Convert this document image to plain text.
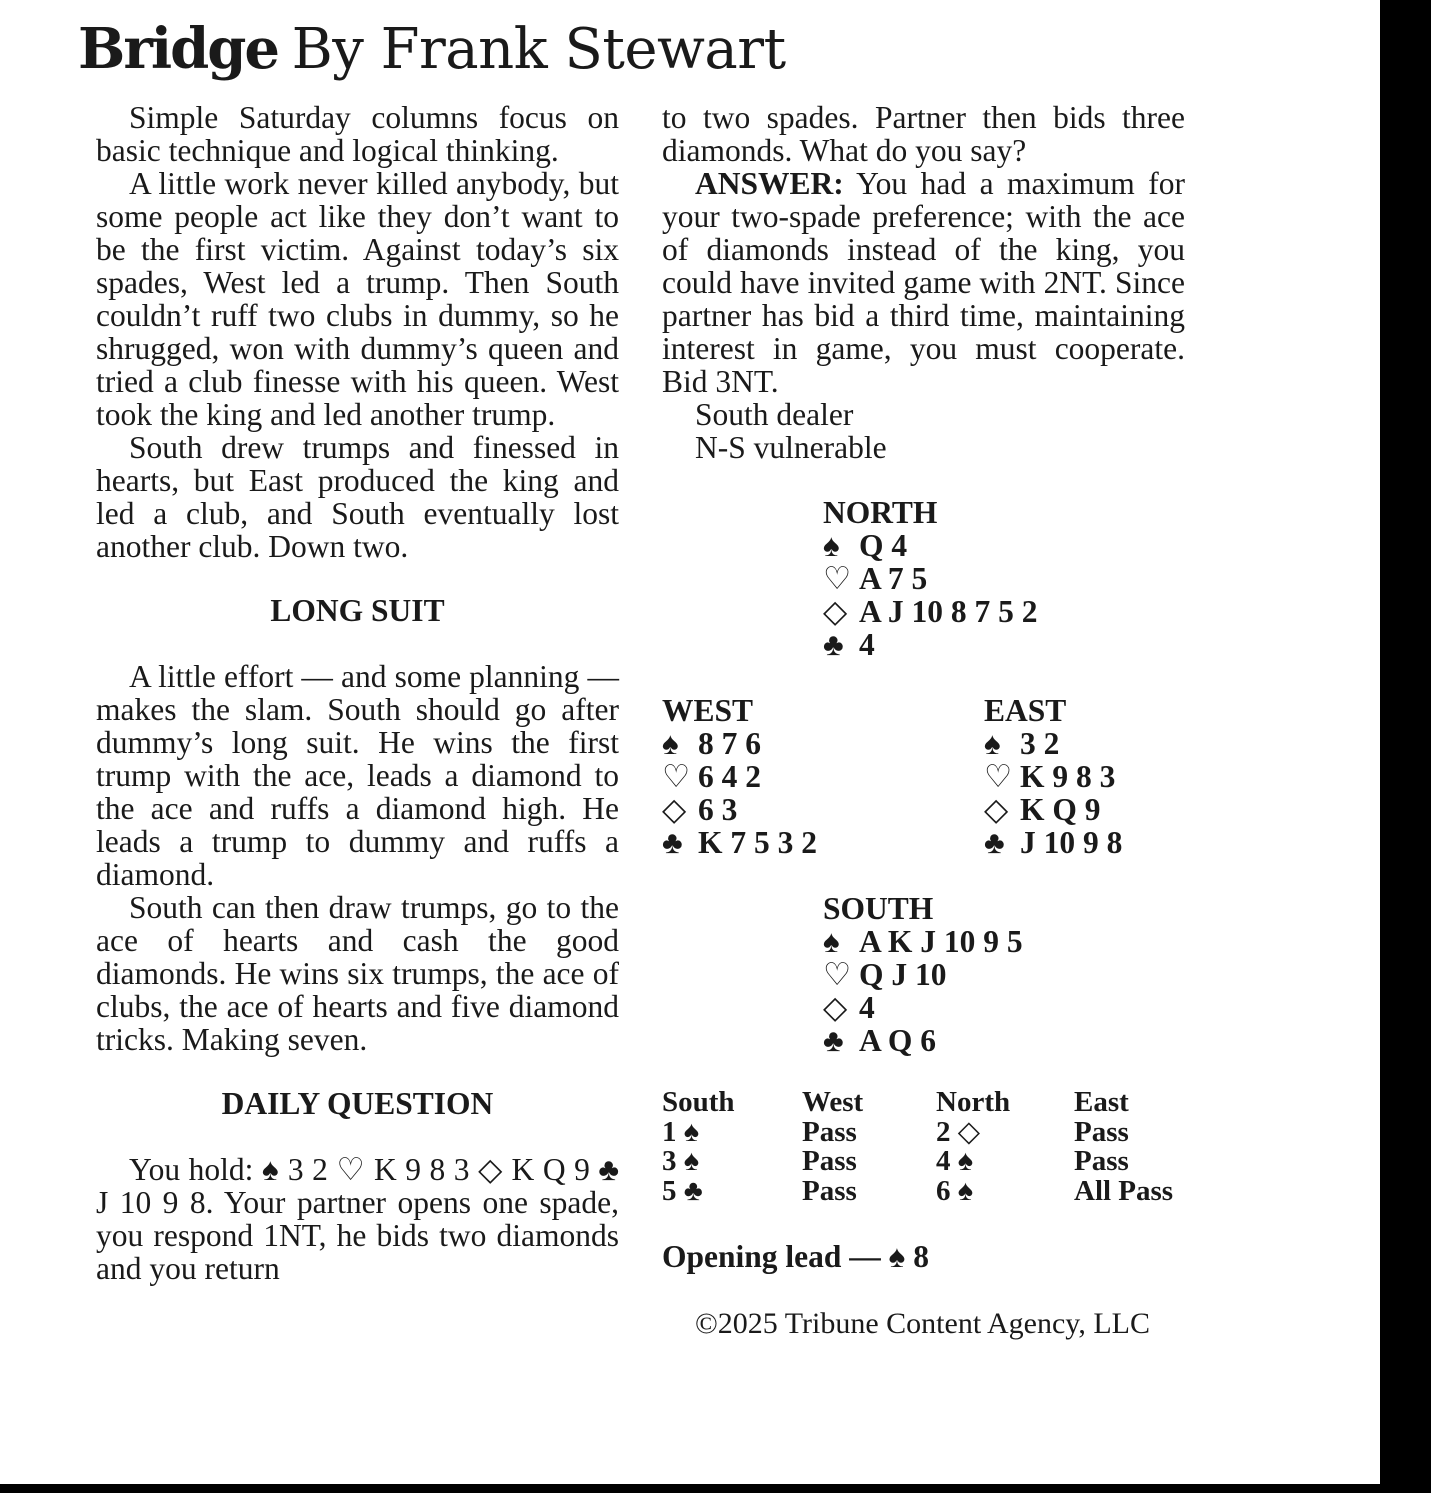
Bridge By Frank Stewart

Simple Saturday columns focus on basic technique and logical thinking.

A little work never killed anybody, but some people act like they don’t want to be the first victim. Against today’s six spades, West led a trump. Then South couldn’t ruff two clubs in dummy, so he shrugged, won with dummy’s queen and tried a club finesse with his queen. West took the king and led another trump.

South drew trumps and finessed in hearts, but East produced the king and led a club, and South eventually lost another club. Down two.

LONG SUIT

A little effort — and some planning — makes the slam. South should go after dummy’s long suit. He wins the first trump with the ace, leads a diamond to the ace and ruffs a diamond high. He leads a trump to dummy and ruffs a diamond.

South can then draw trumps, go to the ace of hearts and cash the good diamonds. He wins six trumps, the ace of clubs, the ace of hearts and five diamond tricks. Making seven.

DAILY QUESTION

You hold: ♠ 3 2 ♡ K 9 8 3 ◇ K Q 9 ♣ J 10 9 8. Your partner opens one spade, you respond 1NT, he bids two diamonds and you return

to two spades. Partner then bids three diamonds. What do you say?

ANSWER: You had a maximum for your two-spade preference; with the ace of diamonds instead of the king, you could have invited game with 2NT. Since partner has bid a third time, maintaining interest in game, you must cooperate. Bid 3NT.

South dealer

N-S vulnerable

NORTH
♠ Q 4
♡ A 7 5
◇ A J 10 8 7 5 2
♣ 4
WEST
♠ 8 7 6
♡ 6 4 2
◇ 6 3
♣ K 7 5 3 2
EAST
♠ 3 2
♡ K 9 8 3
◇ K Q 9
♣ J 10 9 8
SOUTH
♠ A K J 10 9 5
♡ Q J 10
◇ 4
♣ A Q 6
South	West	North	East
1 ♠	Pass	2 ◇	Pass
3 ♠	Pass	4 ♠	Pass
5 ♣	Pass	6 ♠	All Pass
Opening lead — ♠ 8
©2025 Tribune Content Agency, LLC
